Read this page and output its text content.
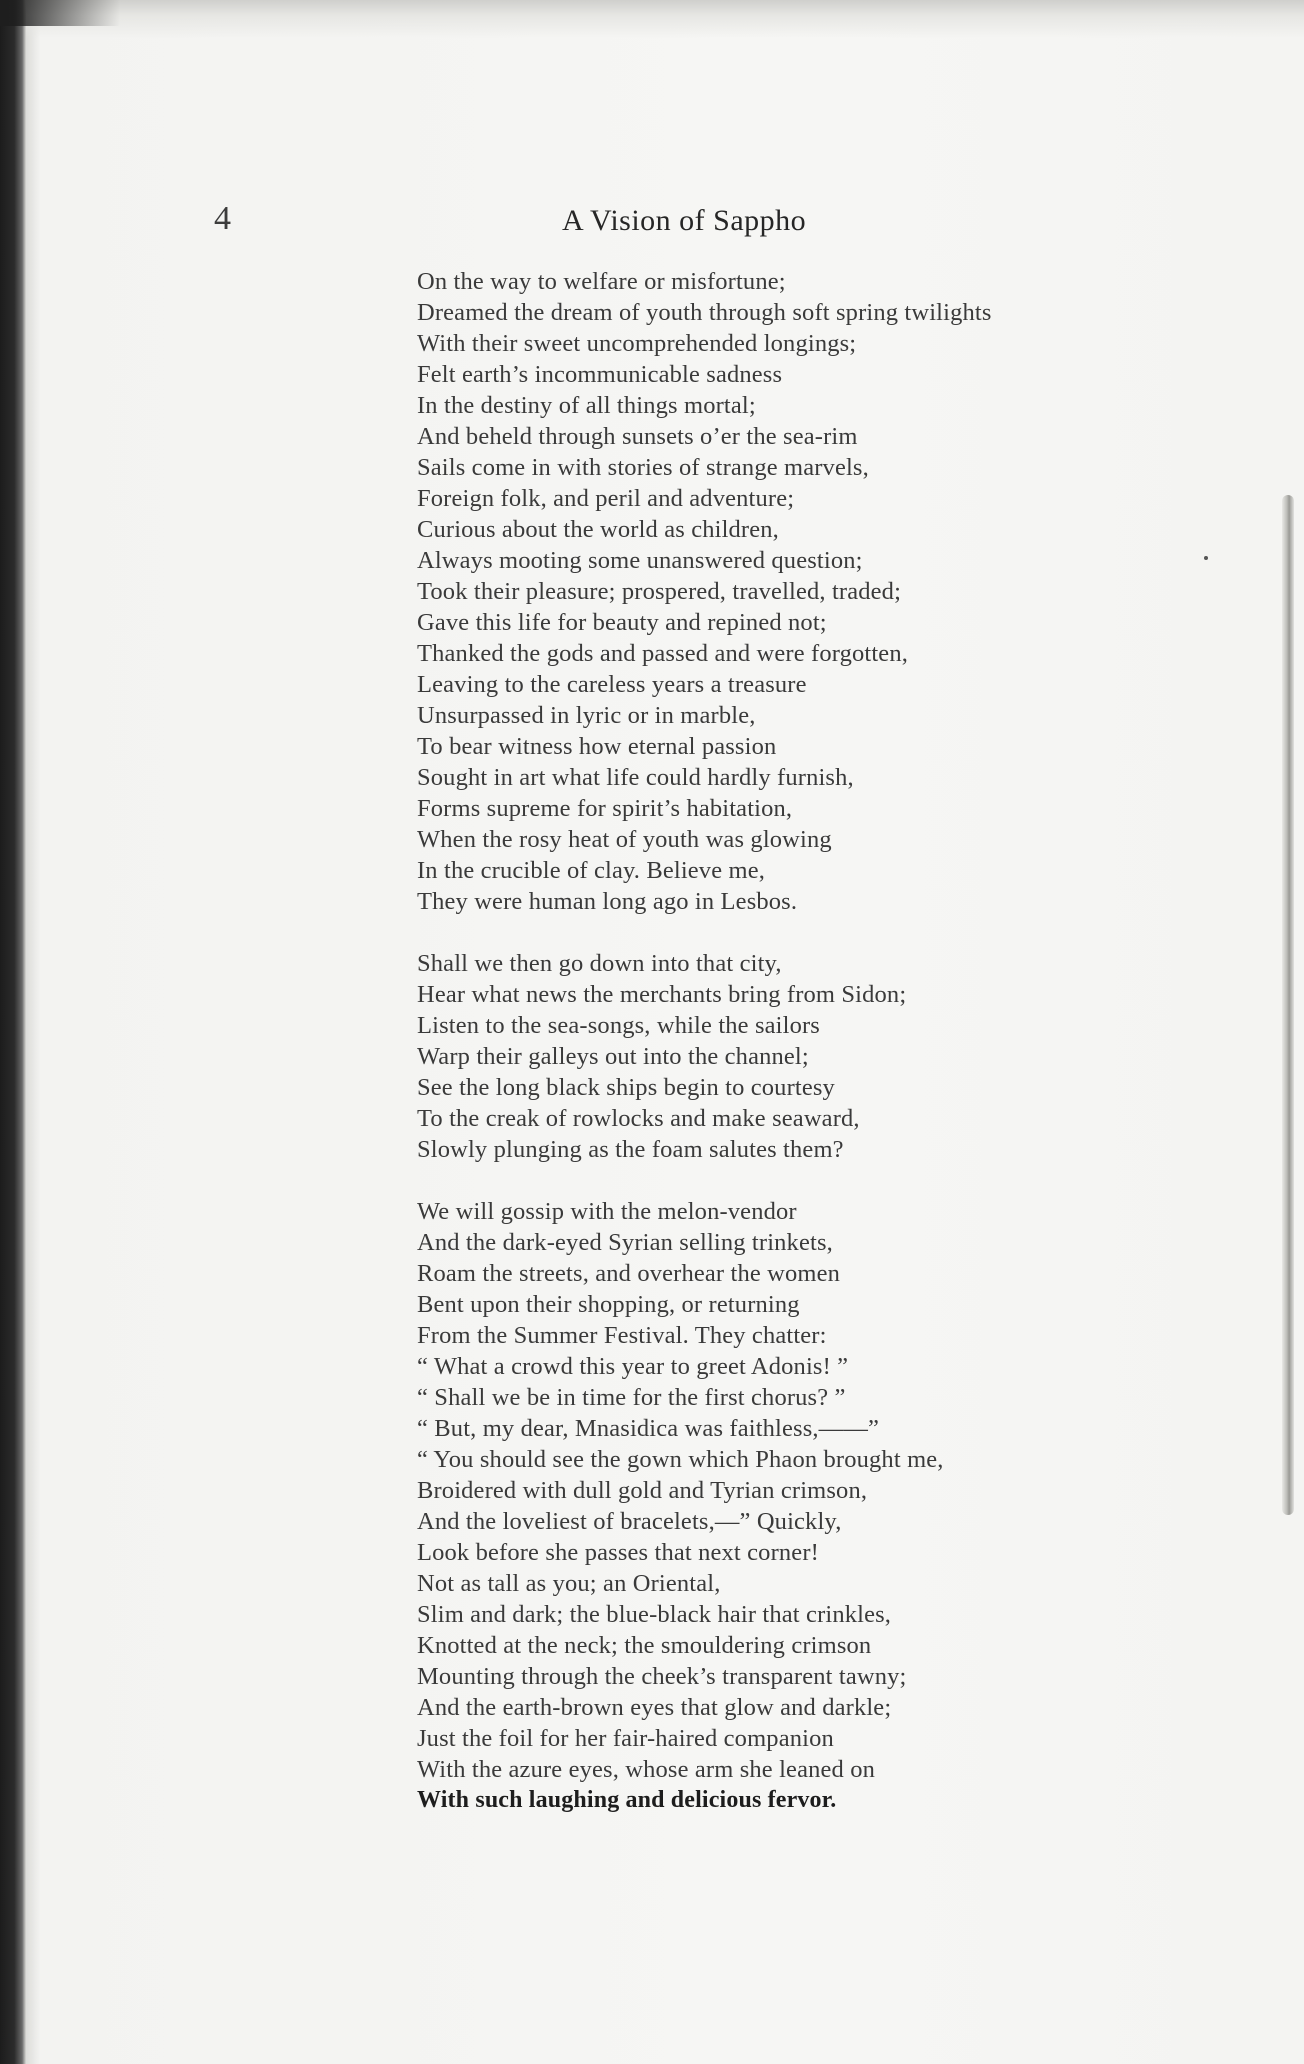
4	A Vision of Sappho
On the way to welfare or misfortune;
Dreamed the dream of youth through soft spring twilights
With their sweet uncomprehended longings;
Felt earth’s incommunicable sadness
In the destiny of all things mortal;
And beheld through sunsets o’er the sea-rim
Sails come in with stories of strange marvels,
Foreign folk, and peril and adventure;
Curious about the world as children,
Always mooting some unanswered question;
Took their pleasure; prospered, travelled, traded;
Gave this life for beauty and repined not;
Thanked the gods and passed and were forgotten,
Leaving to the careless years a treasure
Unsurpassed in lyric or in marble,
To bear witness how eternal passion
Sought in art what life could hardly furnish,
Forms supreme for spirit’s habitation,
When the rosy heat of youth was glowing
In the crucible of clay. Believe me,
They were human long ago in Lesbos.
Shall we then go down into that city,
Hear what news the merchants bring from Sidon;
Listen to the sea-songs, while the sailors
Warp their galleys out into the channel;
See the long black ships begin to courtesy
To the creak of rowlocks and make seaward,
Slowly plunging as the foam salutes them?
We will gossip with the melon-vendor
And the dark-eyed Syrian selling trinkets,
Roam the streets, and overhear the women
Bent upon their shopping, or returning
From the Summer Festival. They chatter:
“ What a crowd this year to greet Adonis! ”
“ Shall we be in time for the first chorus? ”
“ But, my dear, Mnasidica was faithless,——”
“ You should see the gown which Phaon brought me,
Broidered with dull gold and Tyrian crimson,
And the loveliest of bracelets,—” Quickly,
Look before she passes that next corner!
Not as tall as you; an Oriental,
Slim and dark; the blue-black hair that crinkles,
Knotted at the neck; the smouldering crimson
Mounting through the cheek’s transparent tawny;
And the earth-brown eyes that glow and darkle;
Just the foil for her fair-haired companion
With the azure eyes, whose arm she leaned on
With such laughing and delicious fervor.
